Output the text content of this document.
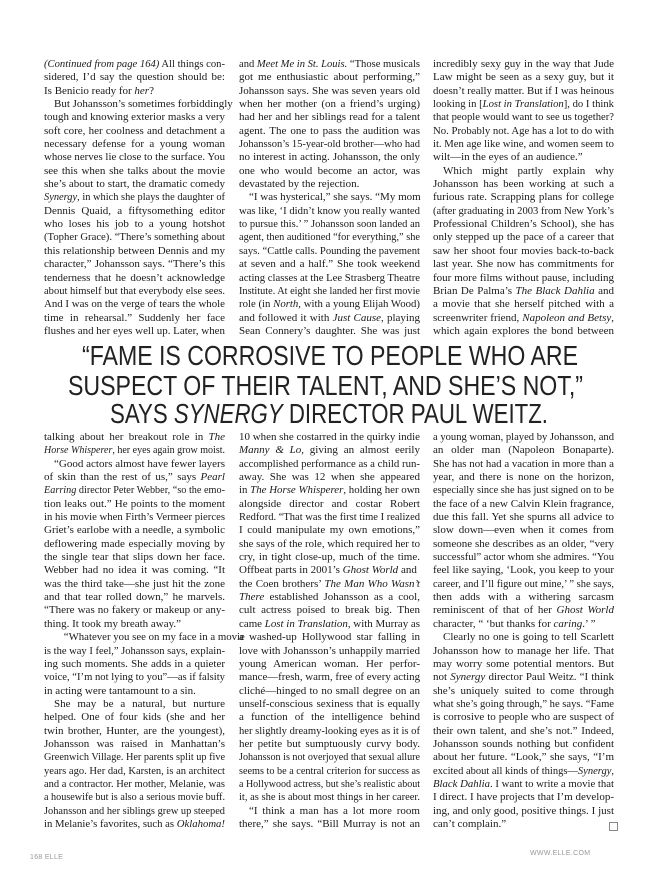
(Continued from page 164) All things con-
sidered, I’d say the question should be:
Is Benicio ready for her?
But Johansson’s sometimes forbiddingly
tough and knowing exterior masks a very
soft core, her coolness and detachment a
necessary defense for a young woman
whose nerves lie close to the surface. You
see this when she talks about the movie
she’s about to start, the dramatic comedy
Synergy, in which she plays the daughter of
Dennis Quaid, a fiftysomething editor
who loses his job to a young hotshot
(Topher Grace). “There’s something about
this relationship between Dennis and my
character,” Johansson says. “There’s this
tenderness that he doesn’t acknowledge
about himself but that everybody else sees.
And I was on the verge of tears the whole
time in rehearsal.” Suddenly her face
flushes and her eyes well up. Later, when
and Meet Me in St. Louis. “Those musicals
got me enthusiastic about performing,”
Johansson says. She was seven years old
when her mother (on a friend’s urging)
had her and her siblings read for a talent
agent. The one to pass the audition was
Johansson’s 15-year-old brother—who had
no interest in acting. Johansson, the only
one who would become an actor, was
devastated by the rejection.
“I was hysterical,” she says. “My mom
was like, ‘I didn’t know you really wanted
to pursue this.’ ” Johansson soon landed an
agent, then auditioned “for everything,” she
says. “Cattle calls. Pounding the pavement
at seven and a half.” She took weekend
acting classes at the Lee Strasberg Theatre
Institute. At eight she landed her first movie
role (in North, with a young Elijah Wood)
and followed it with Just Cause, playing
Sean Connery’s daughter. She was just
incredibly sexy guy in the way that Jude
Law might be seen as a sexy guy, but it
doesn’t really matter. But if I was heinous
looking in [Lost in Translation], do I think
that people would want to see us together?
No. Probably not. Age has a lot to do with
it. Men age like wine, and women seem to
wilt—in the eyes of an audience.”
Which might partly explain why
Johansson has been working at such a
furious rate. Scrapping plans for college
(after graduating in 2003 from New York’s
Professional Children’s School), she has
only stepped up the pace of a career that
saw her shoot four movies back-to-back
last year. She now has commitments for
four more films without pause, including
Brian De Palma’s The Black Dahlia and
a movie that she herself pitched with a
screenwriter friend, Napoleon and Betsy,
which again explores the bond between
talking about her breakout role in The
Horse Whisperer, her eyes again grow moist.
“Good actors almost have fewer layers
of skin than the rest of us,” says Pearl
Earring director Peter Webber, “so the emo-
tion leaks out.” He points to the moment
in his movie when Firth’s Vermeer pierces
Griet’s earlobe with a needle, a symbolic
deflowering made especially moving by
the single tear that slips down her face.
Webber had no idea it was coming. “It
was the third take—she just hit the zone
and that tear rolled down,” he marvels.
“There was no fakery or makeup or any-
thing. It took my breath away.”
“Whatever you see on my face in a movie
is the way I feel,” Johansson says, explain-
ing such moments. She adds in a quieter
voice, “I’m not lying to you”—as if falsity
in acting were tantamount to a sin.
She may be a natural, but nurture
helped. One of four kids (she and her
twin brother, Hunter, are the youngest),
Johansson was raised in Manhattan’s
Greenwich Village. Her parents split up five
years ago. Her dad, Karsten, is an architect
and a contractor. Her mother, Melanie, was
a housewife but is also a serious movie buff.
Johansson and her siblings grew up steeped
in Melanie’s favorites, such as Oklahoma!
10 when she costarred in the quirky indie
Manny & Lo, giving an almost eerily
accomplished performance as a child run-
away. She was 12 when she appeared
in The Horse Whisperer, holding her own
alongside director and costar Robert
Redford. “That was the first time I realized
I could manipulate my own emotions,”
she says of the role, which required her to
cry, in tight close-up, much of the time.
Offbeat parts in 2001’s Ghost World and
the Coen brothers’ The Man Who Wasn’t
There established Johansson as a cool,
cult actress poised to break big. Then
came Lost in Translation, with Murray as
a washed-up Hollywood star falling in
love with Johansson’s unhappily married
young American woman. Her perfor-
mance—fresh, warm, free of every acting
cliché—hinged to no small degree on an
unself-conscious sexiness that is equally
a function of the intelligence behind
her slightly dreamy-looking eyes as it is of
her petite but sumptuously curvy body.
Johansson is not overjoyed that sexual allure
seems to be a central criterion for success as
a Hollywood actress, but she’s realistic about
it, as she is about most things in her career.
“I think a man has a lot more room
there,” she says. “Bill Murray is not an
a young woman, played by Johansson, and
an older man (Napoleon Bonaparte).
She has not had a vacation in more than a
year, and there is none on the horizon,
especially since she has just signed on to be
the face of a new Calvin Klein fragrance,
due this fall. Yet she spurns all advice to
slow down—even when it comes from
someone she describes as an older, “very
successful” actor whom she admires. “You
feel like saying, ‘Look, you keep to your
career, and I’ll figure out mine,’ ” she says,
then adds with a withering sarcasm
reminiscent of that of her Ghost World
character, “ ‘but thanks for caring.’ ”
Clearly no one is going to tell Scarlett
Johansson how to manage her life. That
may worry some potential mentors. But
not Synergy director Paul Weitz. “I think
she’s uniquely suited to come through
what she’s going through,” he says. “Fame
is corrosive to people who are suspect of
their own talent, and she’s not.” Indeed,
Johansson sounds nothing but confident
about her future. “Look,” she says, “I’m
excited about all kinds of things—Synergy,
Black Dahlia. I want to write a movie that
I direct. I have projects that I’m develop-
ing, and only good, positive things. I just
can’t complain.”
“FAME IS CORROSIVE TO PEOPLE WHO ARE
SUSPECT OF THEIR TALENT, AND SHE’S NOT,”
SAYS SYNERGY DIRECTOR PAUL WEITZ.
168 ELLE
WWW.ELLE.COM
